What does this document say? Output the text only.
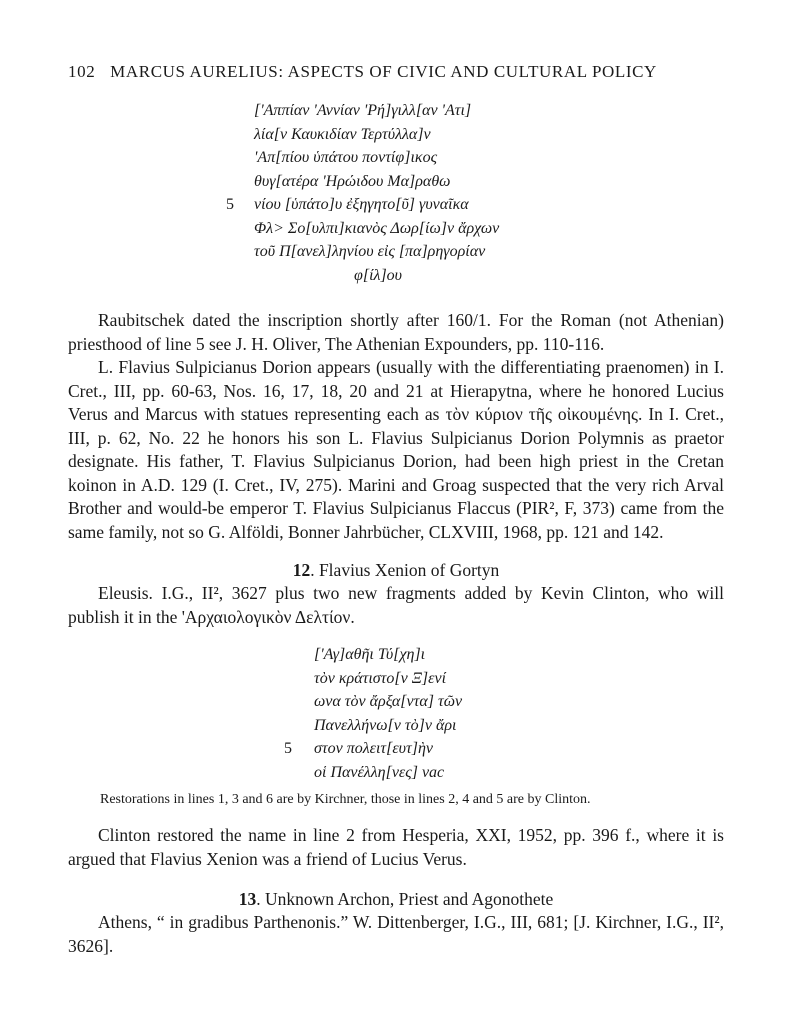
102 MARCUS AURELIUS: ASPECTS OF CIVIC AND CULTURAL POLICY
['Αππίαν 'Αννίαν 'Ρή]γιλλ[αν 'Ατι]
λία[ν Καυκιδίαν Τερτύλλα]ν
'Απ[πίου ὑπάτου ποντίφ]ικος
θυγ[ατέρα 'Ηρώιδου Μα]ραθω
5 νίου [ὑπάτο]υ ἐξηγητο[ῦ] γυναῖκα
Φλ> Σο[υλπι]κιανὸς Δωρ[ίω]ν ἄρχων
τοῦ Π[ανελ]ληνίου εἰς [πα]ρηγορίαν
φ[ίλ]ου

Raubitschek dated the inscription shortly after 160/1. For the Roman (not Athenian) priesthood of line 5 see J. H. Oliver, The Athenian Expounders, pp. 110-116.

L. Flavius Sulpicianus Dorion appears (usually with the differentiating praenomen) in I. Cret., III, pp. 60-63, Nos. 16, 17, 18, 20 and 21 at Hierapytna, where he honored Lucius Verus and Marcus with statues representing each as τὸν κύριον τῆς οἰκουμένης. In I. Cret., III, p. 62, No. 22 he honors his son L. Flavius Sulpicianus Dorion Polymnis as praetor designate. His father, T. Flavius Sulpicianus Dorion, had been high priest in the Cretan koinon in A.D. 129 (I. Cret., IV, 275). Marini and Groag suspected that the very rich Arval Brother and would-be emperor T. Flavius Sulpicianus Flaccus (PIR², F, 373) came from the same family, not so G. Alföldi, Bonner Jahrbücher, CLXVIII, 1968, pp. 121 and 142.

12. Flavius Xenion of Gortyn

Eleusis. I.G., II², 3627 plus two new fragments added by Kevin Clinton, who will publish it in the 'Αρχαιολογικὸν Δελτίον.

['Αγ]αθῆι Τύ[χη]ι
τὸν κράτιστο[ν Ξ]ενί
ωνα τὸν ἄρξα[ντα] τῶν
Πανελλήνω[ν τὸ]ν ἄρι
5 στον πολειτ[ευτ]ὴν
οἱ Πανέλλη[νες] vac
Restorations in lines 1, 3 and 6 are by Kirchner, those in lines 2, 4 and 5 are by Clinton.

Clinton restored the name in line 2 from Hesperia, XXI, 1952, pp. 396 f., where it is argued that Flavius Xenion was a friend of Lucius Verus.

13. Unknown Archon, Priest and Agonothete

Athens, “ in gradibus Parthenonis.” W. Dittenberger, I.G., III, 681; [J. Kirchner, I.G., II², 3626].
